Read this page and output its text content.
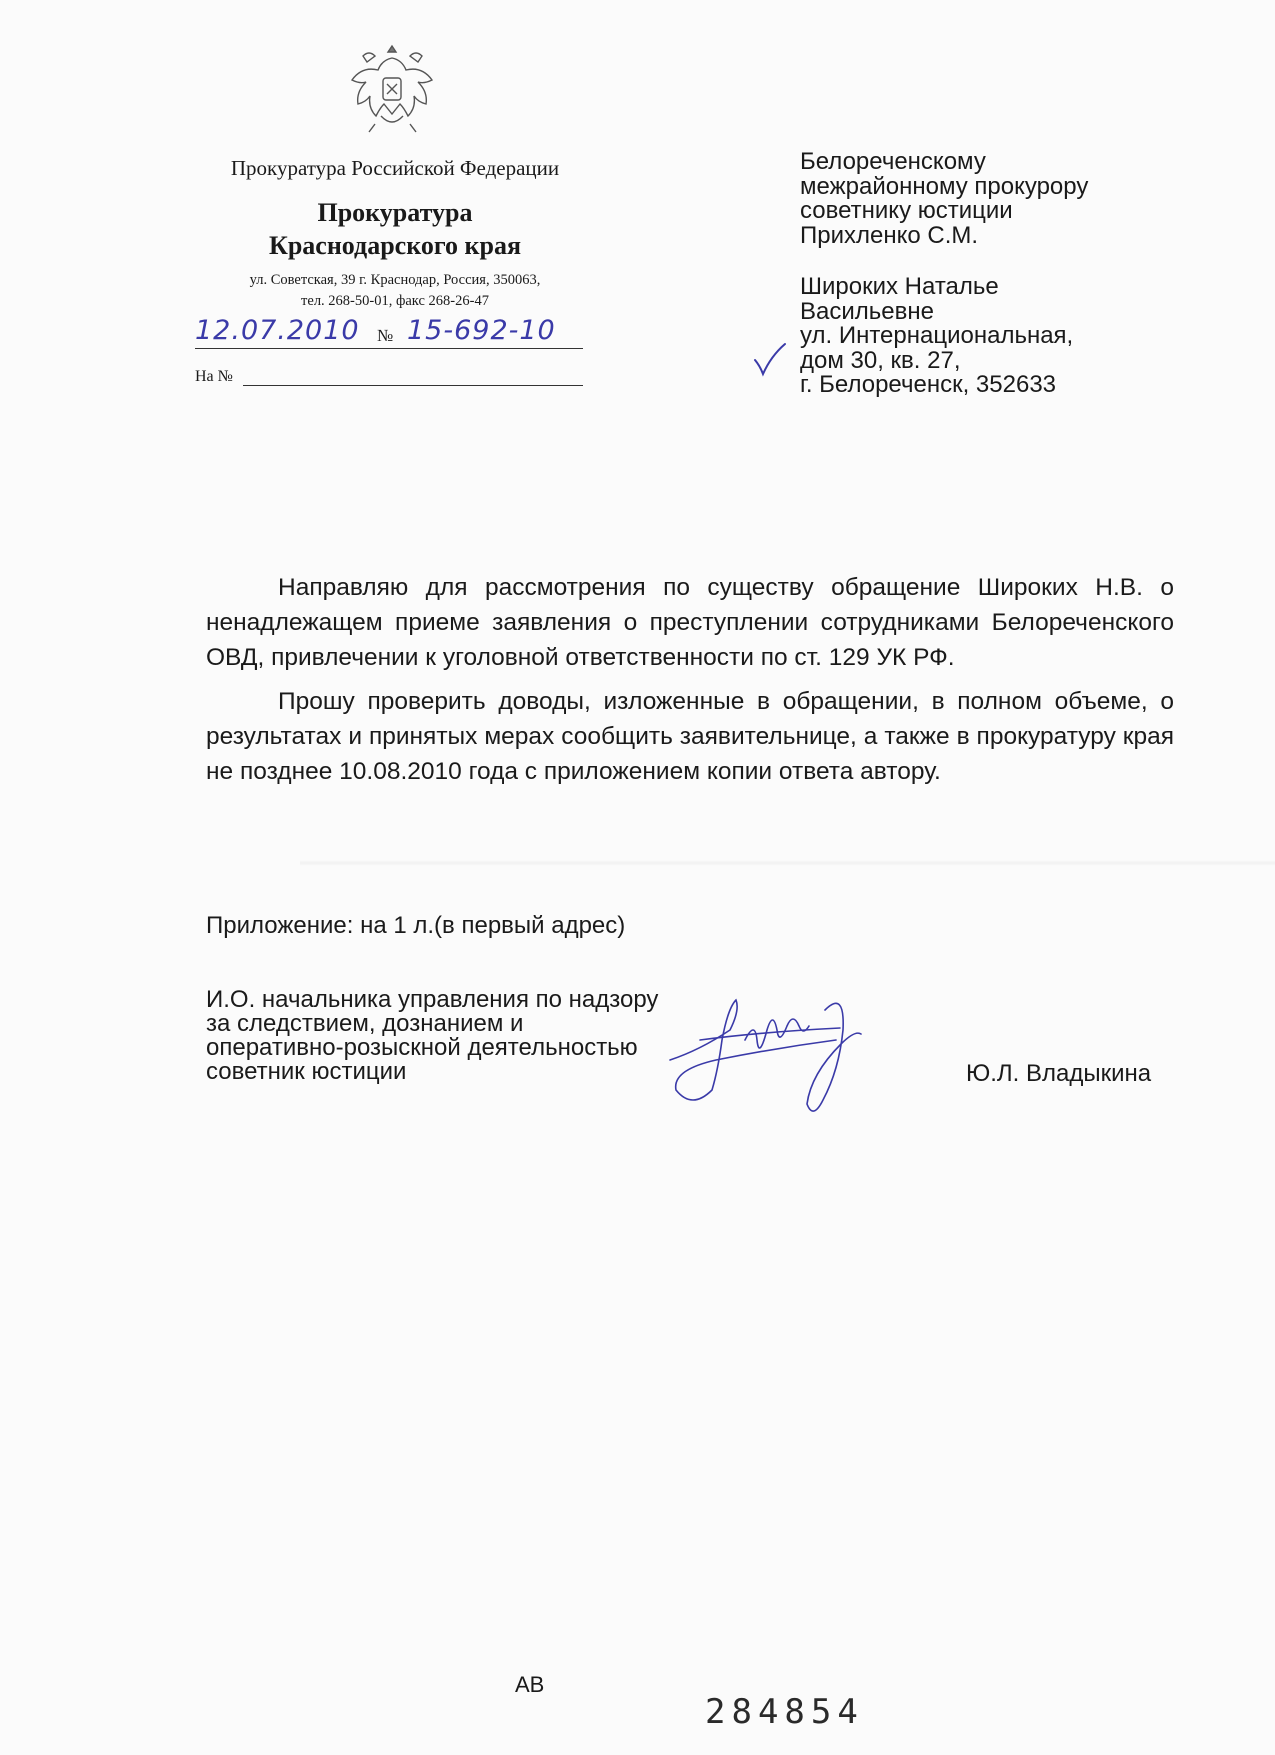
Прокуратура Российской Федерации
Прокуратура
Краснодарского края
ул. Советская, 39 г. Краснодар, Россия, 350063,
тел. 268-50-01, факс 268-26-47
12.07.2010 № 15-692-10
На №
Белореченскому
межрайонному прокурору
советнику юстиции
Прихленко С.М.
Широких Наталье
Васильевне
ул. Интернациональная,
дом 30, кв. 27,
г. Белореченск, 352633

Направляю для рассмотрения по существу обращение Широких Н.В. о ненадлежащем приеме заявления о преступлении сотрудниками Белореченского ОВД, привлечении к уголовной ответственности по ст. 129 УК РФ.

Прошу проверить доводы, изложенные в обращении, в полном объеме, о результатах и принятых мерах сообщить заявительнице, а также в прокуратуру края не позднее 10.08.2010 года с приложением копии ответа автору.

Приложение: на 1 л.(в первый адрес)
И.О. начальника управления по надзору
за следствием, дознанием и
оперативно-розыскной деятельностью
советник юстиции	Ю.Л. Владыкина
АВ
284854
